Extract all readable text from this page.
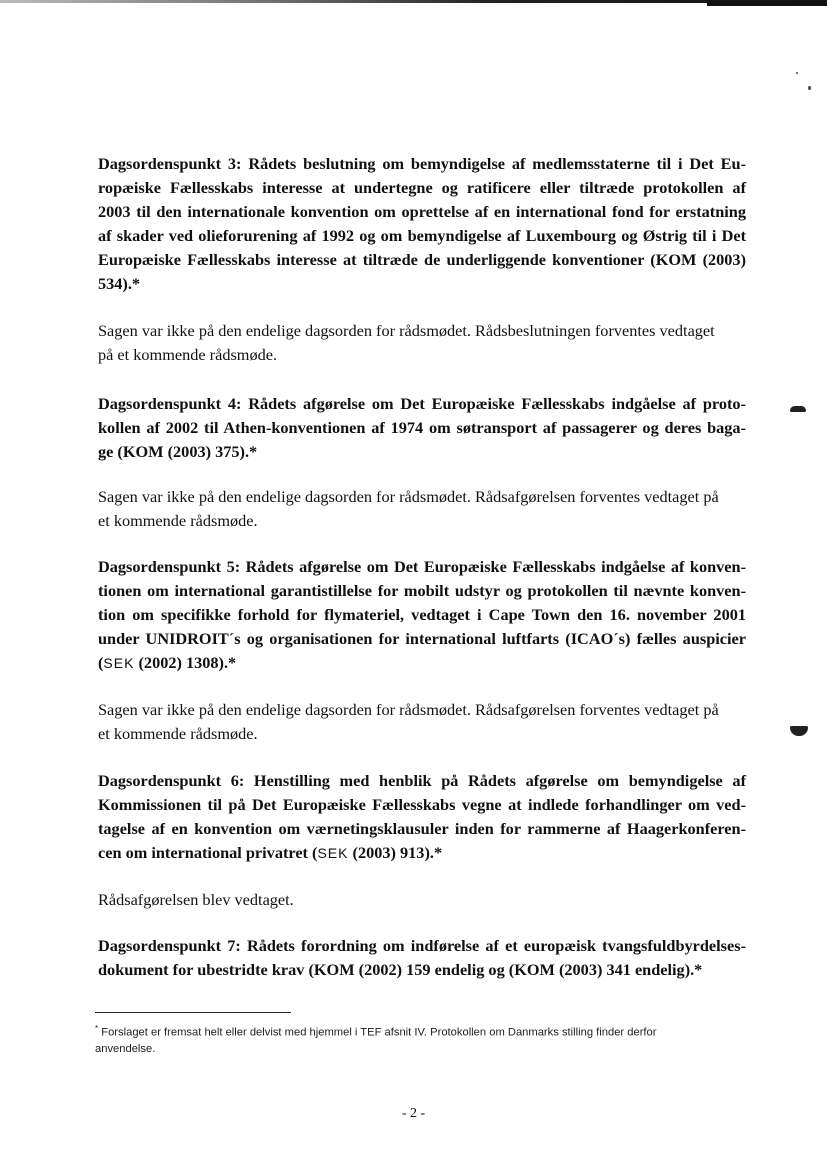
Dagsordenspunkt 3: Rådets beslutning om bemyndigelse af medlemsstaterne til i Det Eu-
ropæiske Fællesskabs interesse at undertegne og ratificere eller tiltræde protokollen af
2003 til den internationale konvention om oprettelse af en international fond for erstatning
af skader ved olieforurening af 1992 og om bemyndigelse af Luxembourg og Østrig til i Det
Europæiske Fællesskabs interesse at tiltræde de underliggende konventioner (KOM (2003)
534).*

Sagen var ikke på den endelige dagsorden for rådsmødet. Rådsbeslutningen forventes vedtaget
på et kommende rådsmøde.

Dagsordenspunkt 4: Rådets afgørelse om Det Europæiske Fællesskabs indgåelse af proto-
kollen af 2002 til Athen-konventionen af 1974 om søtransport af passagerer og deres baga-
ge (KOM (2003) 375).*

Sagen var ikke på den endelige dagsorden for rådsmødet. Rådsafgørelsen forventes vedtaget på
et kommende rådsmøde.

Dagsordenspunkt 5: Rådets afgørelse om Det Europæiske Fællesskabs indgåelse af konven-
tionen om international garantistillelse for mobilt udstyr og protokollen til nævnte konven-
tion om specifikke forhold for flymateriel, vedtaget i Cape Town den 16. november 2001
under UNIDROIT´s og organisationen for international luftfarts (ICAO´s) fælles auspicier
(SEK (2002) 1308).*

Sagen var ikke på den endelige dagsorden for rådsmødet. Rådsafgørelsen forventes vedtaget på
et kommende rådsmøde.

Dagsordenspunkt 6: Henstilling med henblik på Rådets afgørelse om bemyndigelse af
Kommissionen til på Det Europæiske Fællesskabs vegne at indlede forhandlinger om ved-
tagelse af en konvention om værnetingsklausuler inden for rammerne af Haagerkonferen-
cen om international privatret (SEK (2003) 913).*

Rådsafgørelsen blev vedtaget.

Dagsordenspunkt 7: Rådets forordning om indførelse af et europæisk tvangsfuldbyrdelses-
dokument for ubestridte krav (KOM (2002) 159 endelig og (KOM (2003) 341 endelig).*

* Forslaget er fremsat helt eller delvist med hjemmel i TEF afsnit IV. Protokollen om Danmarks stilling finder derfor
anvendelse.
- 2 -
